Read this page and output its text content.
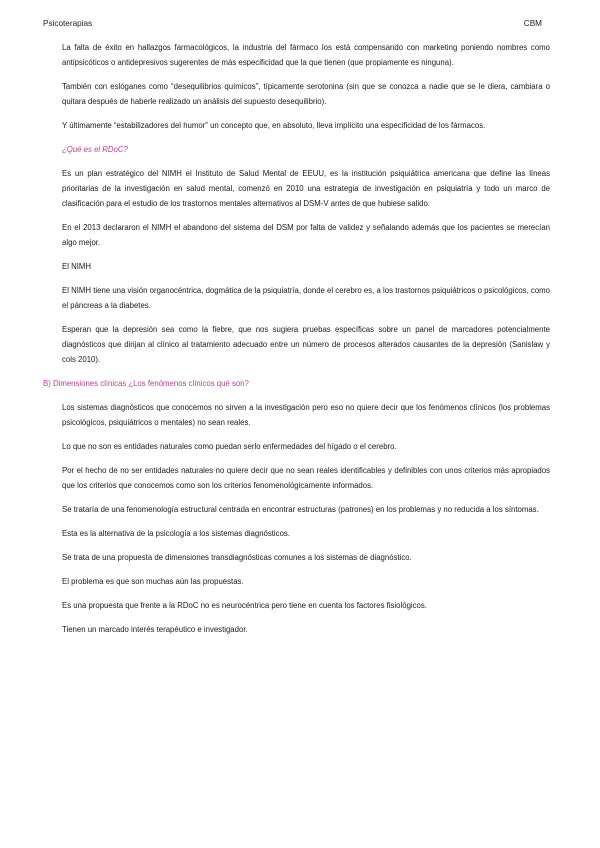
Psicoterapias	CBM

La falta de éxito en hallazgos farmacológicos, la industria del fármaco los está compensando con marketing poniendo nombres como antipsicóticos o antidepresivos sugerentes de más especificidad que la que tienen (que propiamente es ninguna).

También con eslóganes como “desequilibrios químicos”, típicamente serotonina (sin que se conozca a nadie que se le diera, cambiara o quitara después de haberle realizado un análisis del supuesto desequilibrio).

Y últimamente “estabilizadores del humor” un concepto que, en absoluto, lleva implícito una especificidad de los fármacos.

¿Qué es el RDoC?

Es un plan estratégico del NIMH el Instituto de Salud Mental de EEUU, es la institución psiquiátrica americana que define las líneas prioritarias de la investigación en salud mental, comenzó en 2010 una estrategia de investigación en psiquiatría y todo un marco de clasificación para el estudio de los trastornos mentales alternativos al DSM-V antes de que hubiese salido.

En el 2013 declararon el NIMH el abandono del sistema del DSM por falta de validez y señalando además que los pacientes se merecían algo mejor.

El NIMH

El NIMH tiene una visión organocéntrica, dogmática de la psiquiatría, donde el cerebro es, a los trastornos psiquiátricos o psicológicos, como el páncreas a la diabetes.

Esperan que la depresión sea como la fiebre, que nos sugiera pruebas específicas sobre un panel de marcadores potencialmente diagnósticos que dirijan al clínico al tratamiento adecuado entre un número de procesos alterados causantes de la depresión (Sanislaw y cols 2010).

B) Dimensiones clínicas ¿Los fenómenos clínicos qué son?

Los sistemas diagnósticos que conocemos no sirven a la investigación pero eso no quiere decir que los fenómenos clínicos (los problemas psicológicos, psiquiátricos o mentales) no sean reales.

Lo que no son es entidades naturales como puedan serlo enfermedades del hígado o el cerebro.

Por el hecho de no ser entidades naturales no quiere decir que no sean reales identificables y definibles con unos criterios más apropiados que los criterios que conocemos como son los criterios fenomenológicamente informados.

Se trataría de una fenomenología estructural centrada en encontrar estructuras (patrones) en los problemas y no reducida a los síntomas.

Esta es la alternativa de la psicología a los sistemas diagnósticos.

Se trata de una propuesta de dimensiones transdiagnósticas comunes a los sistemas de diagnóstico.

El problema es que son muchas aún las propuestas.

Es una propuesta que frente a la RDoC no es neurocéntrica pero tiene en cuenta los factores fisiológicos.

Tienen un marcado interés terapéutico e investigador.
